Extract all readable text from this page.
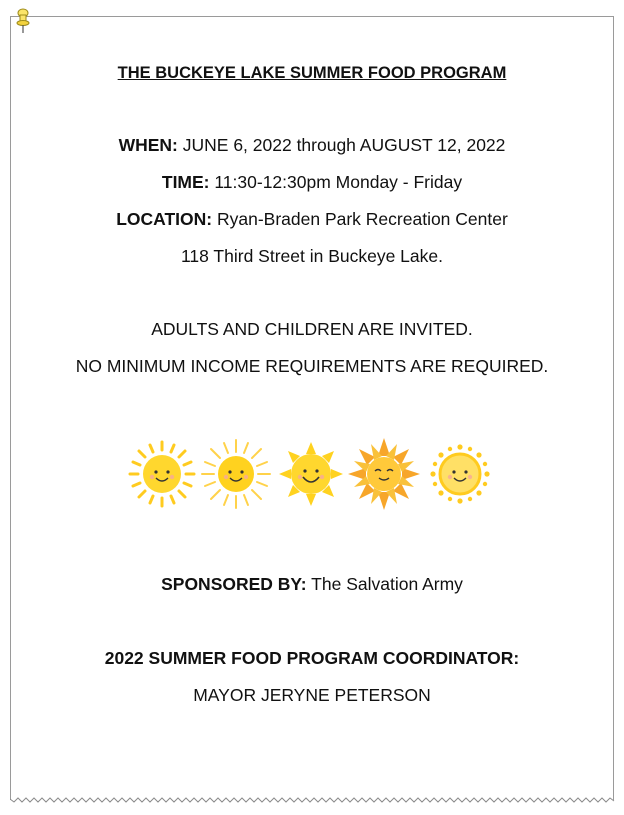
THE BUCKEYE LAKE SUMMER FOOD PROGRAM
WHEN: JUNE 6, 2022 through AUGUST 12, 2022
TIME: 11:30-12:30pm Monday - Friday
LOCATION: Ryan-Braden Park Recreation Center
118 Third Street in Buckeye Lake.
ADULTS AND CHILDREN ARE INVITED.
NO MINIMUM INCOME REQUIREMENTS ARE REQUIRED.
SPONSORED BY: The Salvation Army
2022 SUMMER FOOD PROGRAM COORDINATOR:
MAYOR JERYNE PETERSON
